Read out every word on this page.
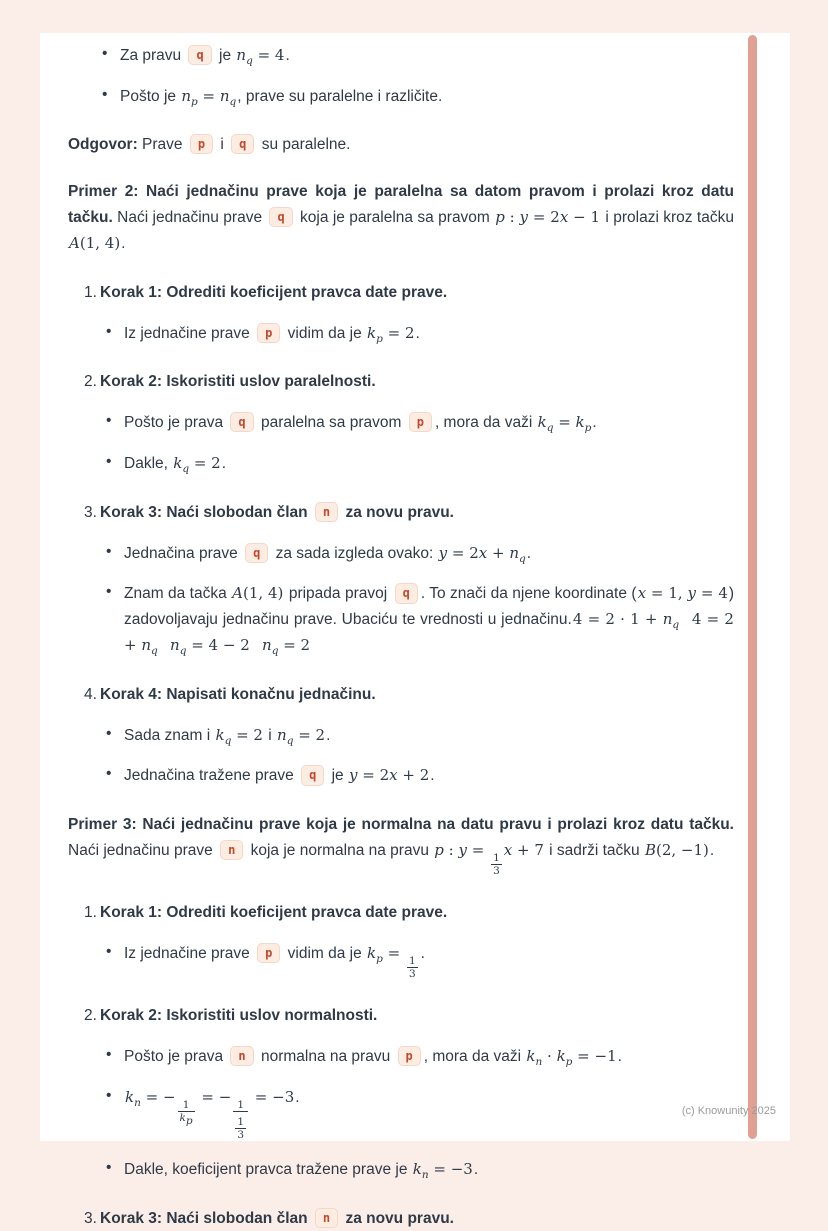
• Za pravu q je $n_q = 4$.
• Pošto je $n_p = n_q$, prave su paralelne i različite.

Odgovor: Prave p i q su paralelne.

Primer 2: Naći jednačinu prave koja je paralelna sa datom pravom i prolazi kroz datu tačku. Naći jednačinu prave q koja je paralelna sa pravom p : y = 2x − 1 i prolazi kroz tačku A(1, 4).

Korak 1: Odrediti koeficijent pravca date prave.
• Iz jednačine prave p vidim da je $k_p = 2$.
Korak 2: Iskoristiti uslov paralelnosti.
• Pošto je prava q paralelna sa pravom p , mora da važi $k_q = k_p$.
• Dakle, $k_q = 2$.
Korak 3: Naći slobodan član n za novu pravu.
• Jednačina prave q za sada izgleda ovako: $y = 2x + n_q$.
• Znam da tačka A(1, 4) pripada pravoj q . To znači da njene koordinate (x = 1, y = 4) zadovoljavaju jednačinu prave. Ubaciću te vrednosti u jednačinu.4 = $2 \cdot 1 + n_q$  $4 = 2 + n_q$  $n_q = 4 - 2$  $n_q = 2$
Korak 4: Napisati konačnu jednačinu.
• Sada znam i $k_q = 2$ i $n_q = 2$.
• Jednačina tražene prave q je y = 2x + 2.

Primer 3: Naći jednačinu prave koja je normalna na datu pravu i prolazi kroz datu tačku. Naći jednačinu prave n koja je normalna na pravu p : y =
$\frac{1}{3}$
x + 7 i sadrži tačku B(2, −1).

Korak 1: Odrediti koeficijent pravca date prave.
• Iz jednačine prave p vidim da je $k_p$ =
$\frac{1}{3}$
.
Korak 2: Iskoristiti uslov normalnosti.
• Pošto je prava n normalna na pravu p , mora da važi $k_n \cdot k_p = -1$.
• $k_n$ = −
$\frac{1}{k_p}$
= −
$\frac{1}{\frac{1}{3}}$
= −3.
• Dakle, koeficijent pravca tražene prave je $k_n = -3$.
Korak 3: Naći slobodan član n za novu pravu.
(c) Knowunity 2025
